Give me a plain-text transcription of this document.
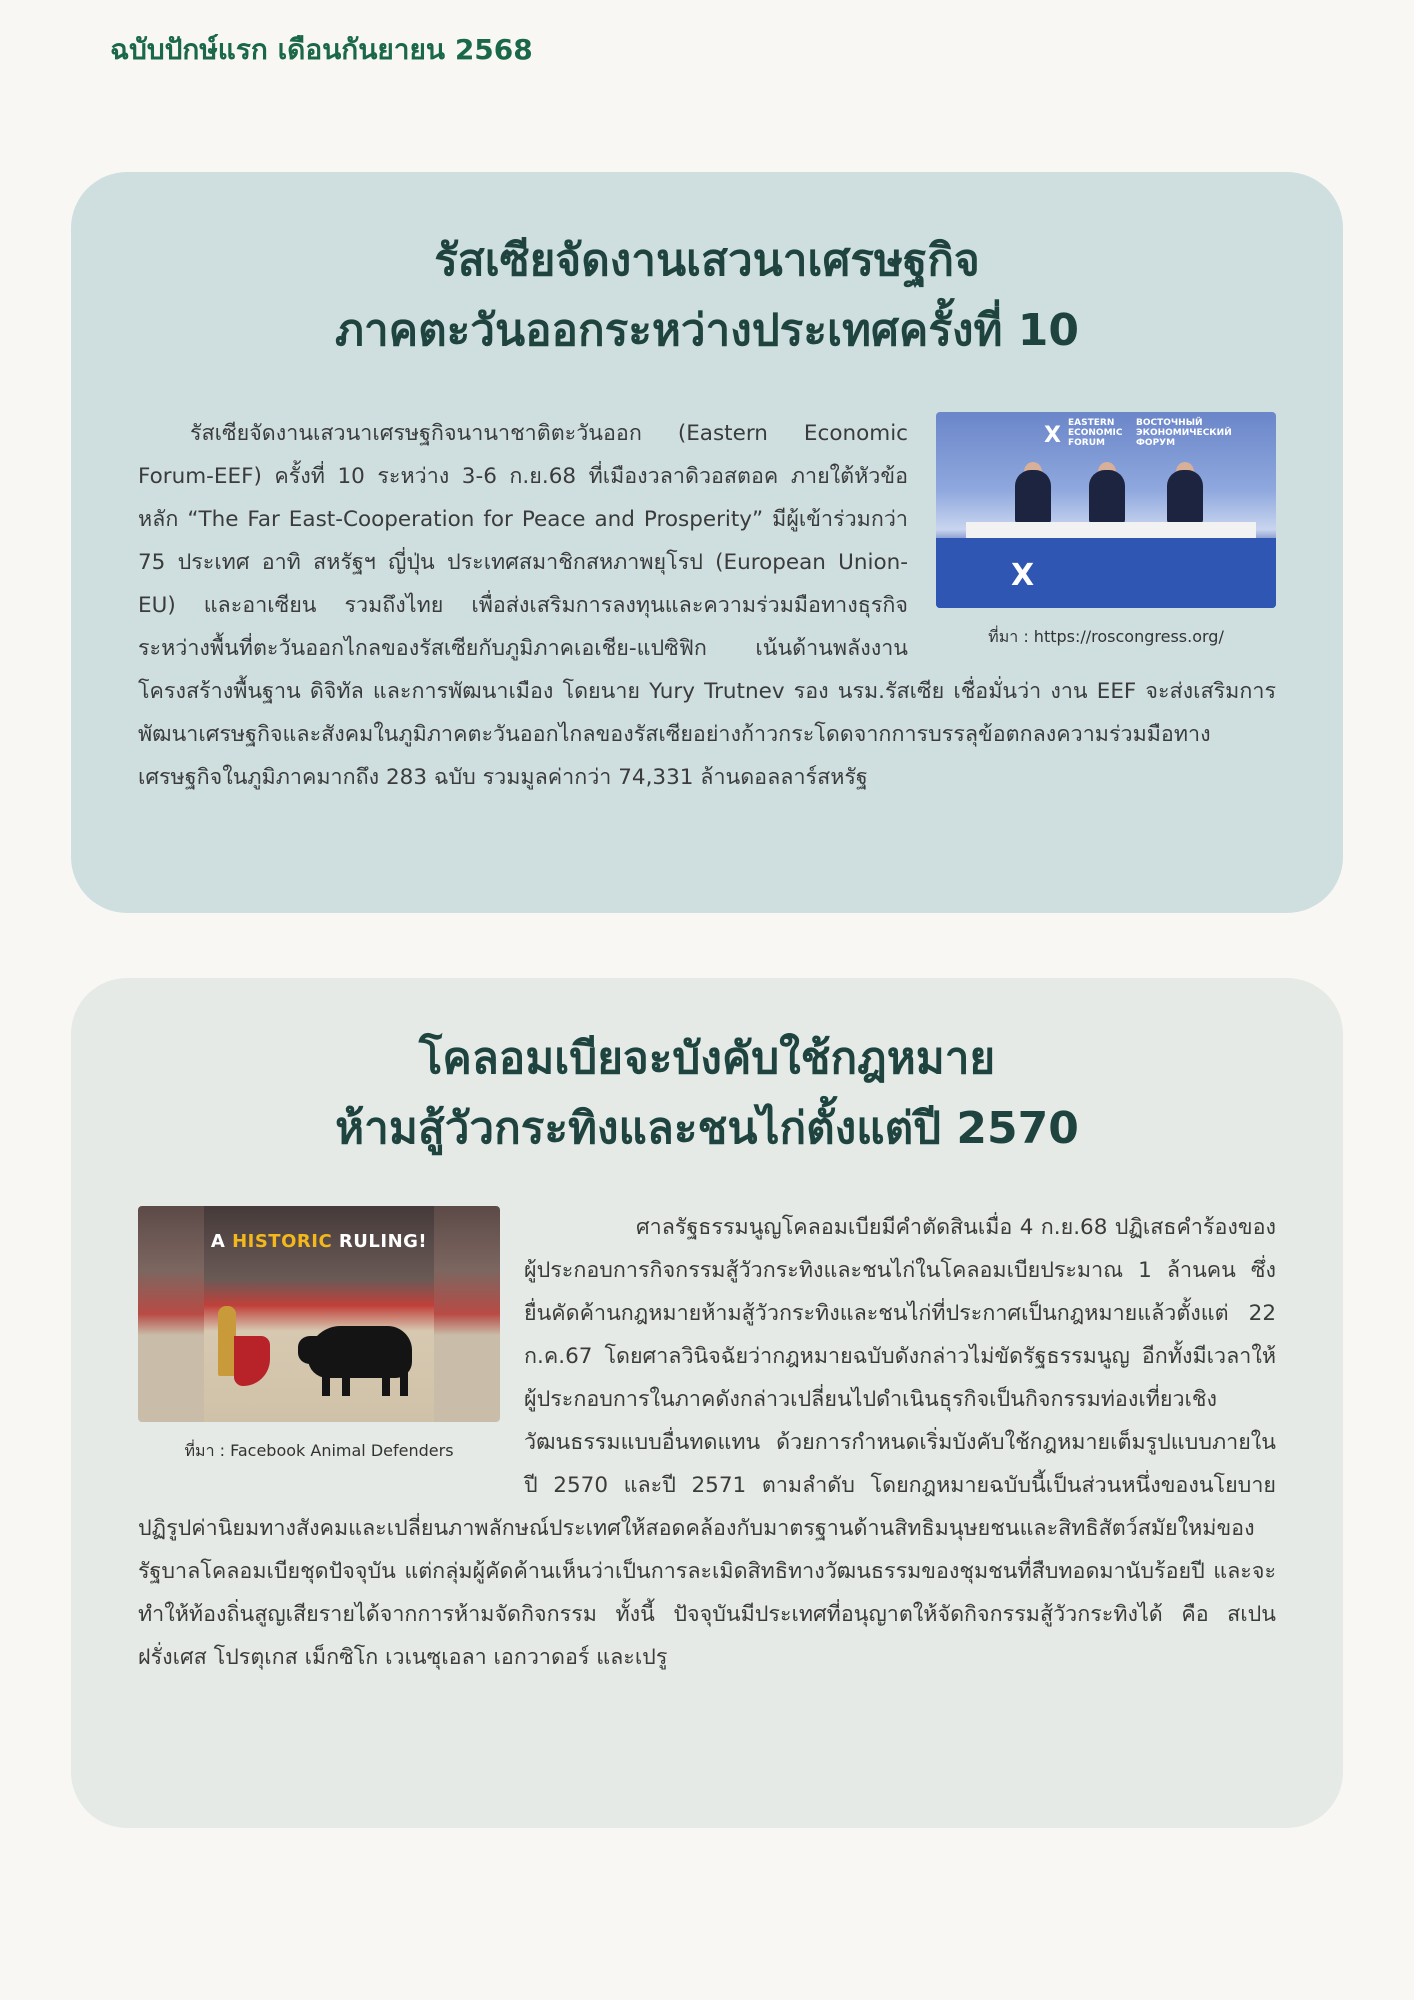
ฉบับปักษ์แรก เดือนกันยายน 2568

รัสเซียจัดงานเสวนาเศรษฐกิจ
ภาคตะวันออกระหว่างประเทศครั้งที่ 10

EASTERN ECONOMIC FORUM
ВОСТОЧНЫЙ ЭКОНОМИЧЕСКИЙ ФОРУМ
X
X
ที่มา : https://roscongress.org/
รัสเซียจัดงานเสวนาเศรษฐกิจนานาชาติตะวันออก (Eastern Economic Forum-EEF) ครั้งที่ 10 ระหว่าง 3-6 ก.ย.68 ที่เมืองวลาดิวอสตอค ภายใต้หัวข้อหลัก “The Far East-Cooperation for Peace and Prosperity” มีผู้เข้าร่วมกว่า 75 ประเทศ อาทิ สหรัฐฯ ญี่ปุ่น ประเทศสมาชิกสหภาพยุโรป (European Union-EU) และอาเซียน รวมถึงไทย เพื่อส่งเสริมการลงทุนและความร่วมมือทางธุรกิจระหว่างพื้นที่ตะวันออกไกลของรัสเซียกับภูมิภาคเอเชีย-แปซิฟิก เน้นด้านพลังงาน โครงสร้างพื้นฐาน ดิจิทัล และการพัฒนาเมือง โดยนาย Yury Trutnev รอง นรม.รัสเซีย เชื่อมั่นว่า งาน EEF จะส่งเสริมการพัฒนาเศรษฐกิจและสังคมในภูมิภาคตะวันออกไกลของรัสเซียอย่างก้าวกระโดดจากการบรรลุข้อตกลงความร่วมมือทางเศรษฐกิจในภูมิภาคมากถึง 283 ฉบับ รวมมูลค่ากว่า 74,331 ล้านดอลลาร์สหรัฐ

โคลอมเบียจะบังคับใช้กฎหมาย
ห้ามสู้วัวกระทิงและชนไก่ตั้งแต่ปี 2570

A HISTORIC RULING!
ที่มา : Facebook Animal Defenders
ศาลรัฐธรรมนูญโคลอมเบียมีคำตัดสินเมื่อ 4 ก.ย.68 ปฏิเสธคำร้องของผู้ประกอบการกิจกรรมสู้วัวกระทิงและชนไก่ในโคลอมเบียประมาณ 1 ล้านคน ซึ่งยื่นคัดค้านกฎหมายห้ามสู้วัวกระทิงและชนไก่ที่ประกาศเป็นกฎหมายแล้วตั้งแต่ 22 ก.ค.67 โดยศาลวินิจฉัยว่ากฎหมายฉบับดังกล่าวไม่ขัดรัฐธรรมนูญ อีกทั้งมีเวลาให้ผู้ประกอบการในภาคดังกล่าวเปลี่ยนไปดำเนินธุรกิจเป็นกิจกรรมท่องเที่ยวเชิงวัฒนธรรมแบบอื่นทดแทน ด้วยการกำหนดเริ่มบังคับใช้กฎหมายเต็มรูปแบบภายในปี 2570 และปี 2571 ตามลำดับ โดยกฎหมายฉบับนี้เป็นส่วนหนึ่งของนโยบายปฏิรูปค่านิยมทางสังคมและเปลี่ยนภาพลักษณ์ประเทศให้สอดคล้องกับมาตรฐานด้านสิทธิมนุษยชนและสิทธิสัตว์สมัยใหม่ของรัฐบาลโคลอมเบียชุดปัจจุบัน แต่กลุ่มผู้คัดค้านเห็นว่าเป็นการละเมิดสิทธิทางวัฒนธรรมของชุมชนที่สืบทอดมานับร้อยปี และจะทำให้ท้องถิ่นสูญเสียรายได้จากการห้ามจัดกิจกรรม ทั้งนี้ ปัจจุบันมีประเทศที่อนุญาตให้จัดกิจกรรมสู้วัวกระทิงได้ คือ สเปน ฝรั่งเศส โปรตุเกส เม็กซิโก เวเนซุเอลา เอกวาดอร์ และเปรู
